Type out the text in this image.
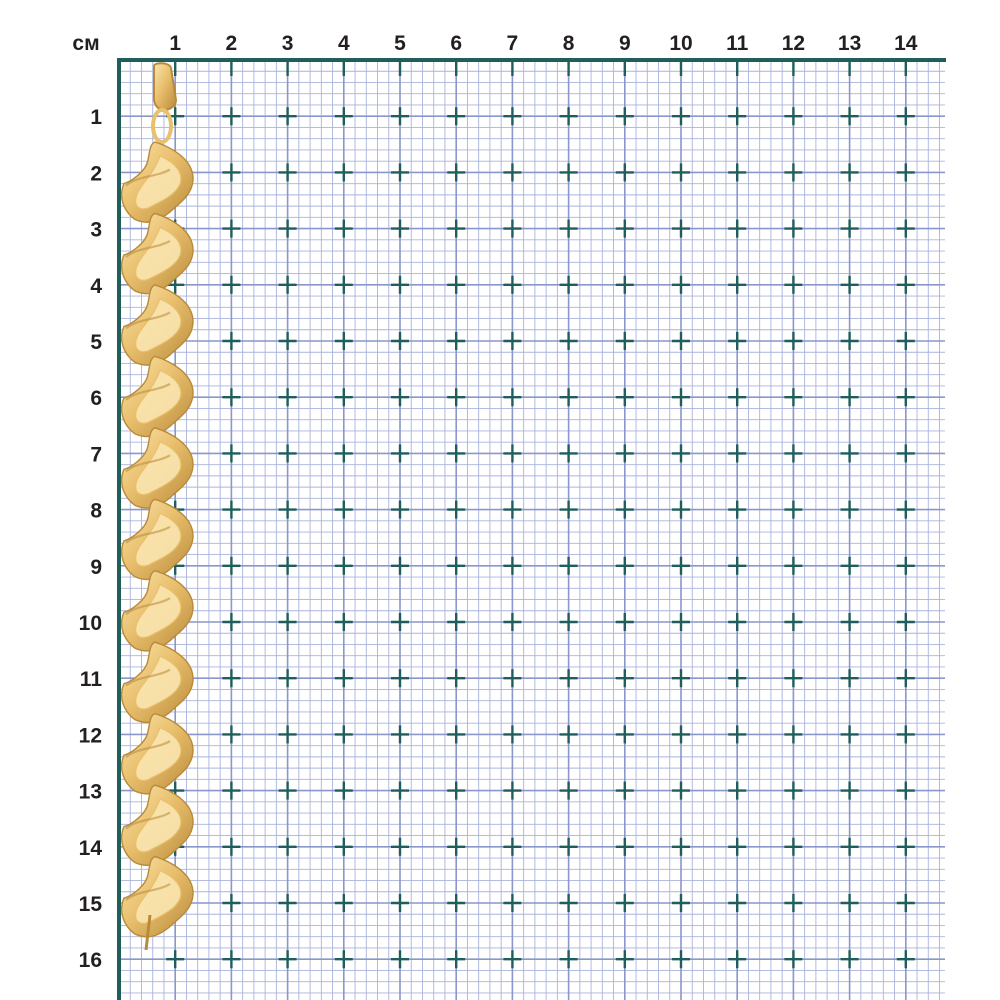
см	1 2 3 4 5 6 7 8 9 10 11 12 13 14
1
2
3
4
5
6
7
8
9
10
11
12
13
14
15
16
